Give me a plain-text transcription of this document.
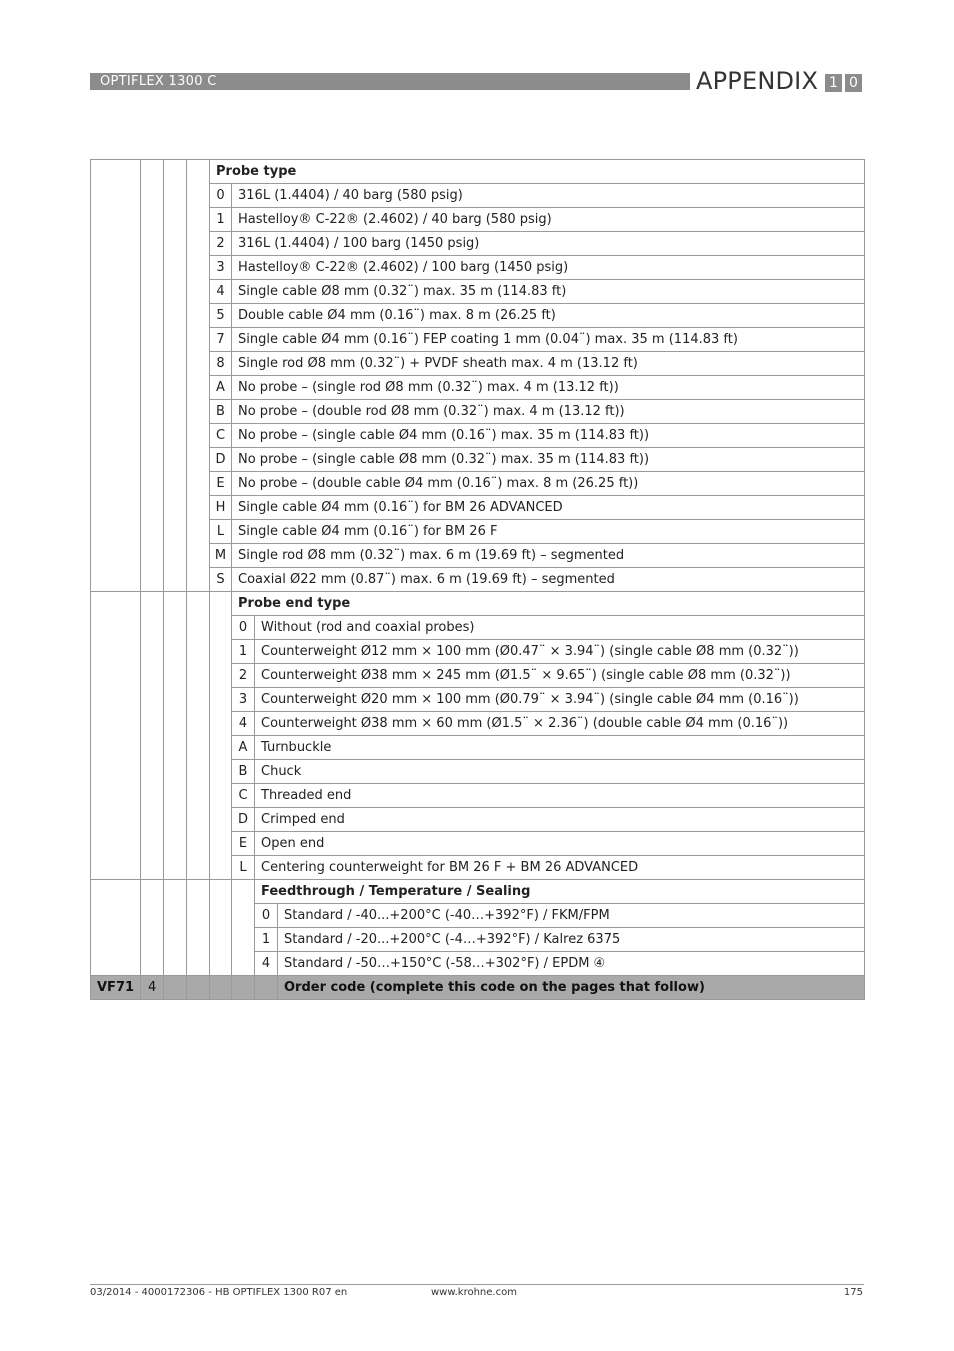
OPTIFLEX 1300 C	APPENDIX 1 0
				Probe type			
				0	316L (1.4404) / 40 barg (580 psig)		
				1	Hastelloy® C-22® (2.4602) / 40 barg (580 psig)		
				2	316L (1.4404) / 100 barg (1450 psig)		
				3	Hastelloy® C-22® (2.4602) / 100 barg (1450 psig)		
				4	Single cable Ø8 mm (0.32¨) max. 35 m (114.83 ft)		
				5	Double cable Ø4 mm (0.16¨) max. 8 m (26.25 ft)		
				7	Single cable Ø4 mm (0.16¨) FEP coating 1 mm (0.04¨) max. 35 m (114.83 ft)		
				8	Single rod Ø8 mm (0.32¨) + PVDF sheath max. 4 m (13.12 ft)		
				A	No probe – (single rod Ø8 mm (0.32¨) max. 4 m (13.12 ft))		
				B	No probe – (double rod Ø8 mm (0.32¨) max. 4 m (13.12 ft))		
				C	No probe – (single cable Ø4 mm (0.16¨) max. 35 m (114.83 ft))		
				D	No probe – (single cable Ø8 mm (0.32¨) max. 35 m (114.83 ft))		
				E	No probe – (double cable Ø4 mm (0.16¨) max. 8 m (26.25 ft))		
				H	Single cable Ø4 mm (0.16¨) for BM 26 ADVANCED		
				L	Single cable Ø4 mm (0.16¨) for BM 26 F		
				M	Single rod Ø8 mm (0.32¨) max. 6 m (19.69 ft) – segmented		
				S	Coaxial Ø22 mm (0.87¨) max. 6 m (19.69 ft) – segmented		
					Probe end type		
					0	Without (rod and coaxial probes)	
					1	Counterweight Ø12 mm × 100 mm (Ø0.47¨ × 3.94¨) (single cable Ø8 mm (0.32¨))	
					2	Counterweight Ø38 mm × 245 mm (Ø1.5¨ × 9.65¨) (single cable Ø8 mm (0.32¨))	
					3	Counterweight Ø20 mm × 100 mm (Ø0.79¨ × 3.94¨) (single cable Ø4 mm (0.16¨))	
					4	Counterweight Ø38 mm × 60 mm (Ø1.5¨ × 2.36¨) (double cable Ø4 mm (0.16¨))	
					A	Turnbuckle	
					B	Chuck	
					C	Threaded end	
					D	Crimped end	
					E	Open end	
					L	Centering counterweight for BM 26 F + BM 26 ADVANCED	
						Feedthrough / Temperature / Sealing	
						0	Standard / -40...+200°C (-40…+392°F) / FKM/FPM
						1	Standard / -20...+200°C (-4…+392°F) / Kalrez 6375
						4	Standard / -50…+150°C (-58…+302°F) / EPDM ④
VF71	4						Order code (complete this code on the pages that follow)
03/2014 - 4000172306 - HB OPTIFLEX 1300 R07 en	www.krohne.com	175
